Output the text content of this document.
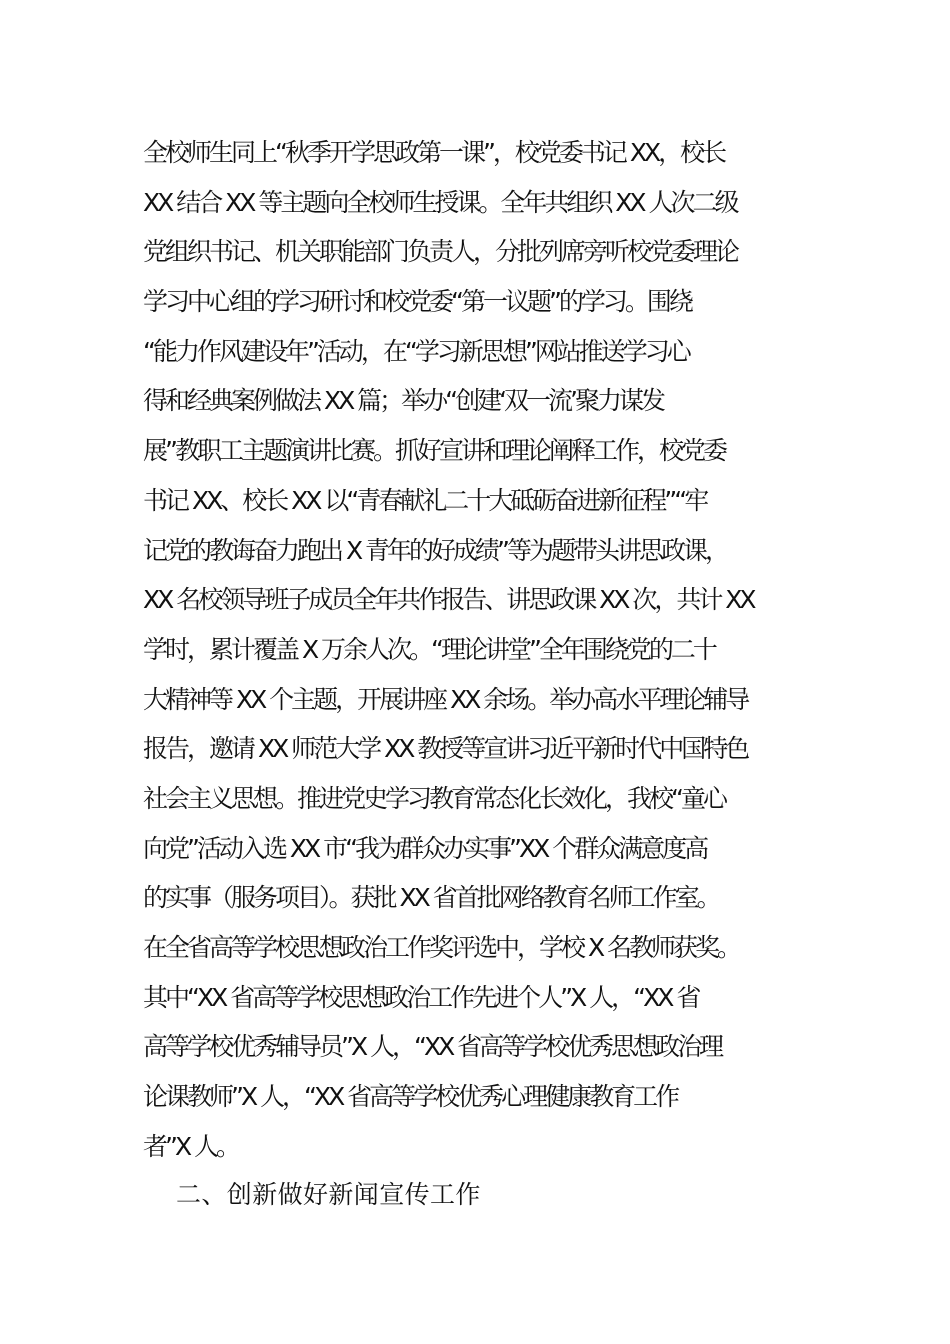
全校师生同上“秋季开学思政第一课”，校党委书记 XX，校长
XX 结合 XX 等主题向全校师生授课。全年共组织 XX 人次二级
党组织书记、机关职能部门负责人，分批列席旁听校党委理论
学习中心组的学习研讨和校党委“第一议题”的学习。围绕
“能力作风建设年”活动，在“学习新思想”网站推送学习心
得和经典案例做法 XX 篇；举办“创建‘双一流’聚力谋发
展”教职工主题演讲比赛。抓好宣讲和理论阐释工作，校党委
书记 XX、校长 XX 以“青春献礼二十大砥砺奋进新征程”“牢
记党的教诲奋力跑出 X 青年的好成绩”等为题带头讲思政课，
XX 名校领导班子成员全年共作报告、讲思政课 XX 次，共计 XX
学时，累计覆盖 X 万余人次。“理论讲堂”全年围绕党的二十
大精神等 XX 个主题，开展讲座 XX 余场。举办高水平理论辅导
报告，邀请 XX 师范大学 XX 教授等宣讲习近平新时代中国特色
社会主义思想。推进党史学习教育常态化长效化，我校“童心
向党”活动入选 XX 市“我为群众办实事”XX 个群众满意度高
的实事（服务项目）。获批 XX 省首批网络教育名师工作室。
在全省高等学校思想政治工作奖评选中，学校 X 名教师获奖。
其中“XX 省高等学校思想政治工作先进个人”X 人，“XX 省
高等学校优秀辅导员”X 人，“XX 省高等学校优秀思想政治理
论课教师”X 人，“XX 省高等学校优秀心理健康教育工作
者”X 人。
二、创新做好新闻宣传工作
